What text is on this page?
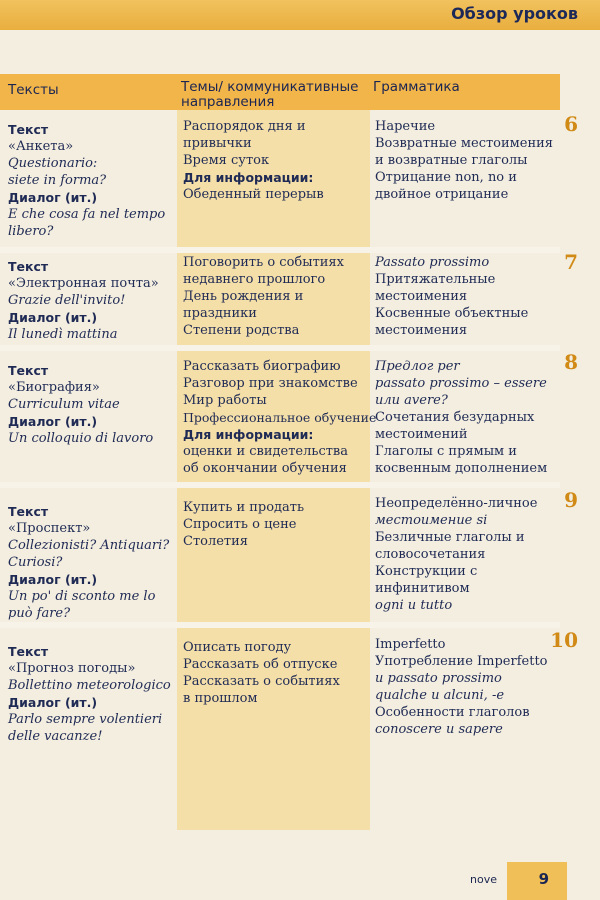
Обзор уроков
Тексты	Темы/ коммуникативные
направления
Грамматика
6
Текст
«Анкета»
Questionario:
siete in forma?
Диалог (ит.)
E che cosa fa nel tempo
libero?
Распорядок дня и
привычки
Время суток
Для информации:
Обеденный перерыв
Наречие
Возвратные местоимения
и возвратные глаголы
Отрицание non, no и
двойное отрицание
7
Текст
«Электронная почта»
Grazie dell'invito!
Диалог (ит.)
Il lunedì mattina
Поговорить о событиях
недавнего прошлого
День рождения и
праздники
Степени родства
Passato prossimo
Притяжательные
местоимения
Косвенные объектные
местоимения
8
Текст
«Биография»
Curriculum vitae
Диалог (ит.)
Un colloquio di lavoro
Рассказать биографию
Разговор при знакомстве
Мир работы
Профессиональное обучение
Для информации:
оценки и свидетельства
об окончании обучения
Предлог per
passato prossimo – essere
или avere?
Сочетания безударных
местоимений
Глаголы с прямым и
косвенным дополнением
9
Текст
«Проспект»
Collezionisti? Antiquari?
Curiosi?
Диалог (ит.)
Un po' di sconto me lo
può fare?
Купить и продать
Спросить о цене
Столетия
Неопределённо-личное
местоимение si
Безличные глаголы и
словосочетания
Конструкции с
инфинитивом
ogni и tutto
10
Текст
«Прогноз погоды»
Bollettino meteorologico
Диалог (ит.)
Parlo sempre volentieri
delle vacanze!
Описать погоду
Рассказать об отпуске
Рассказать о событиях
в прошлом
Imperfetto
Употребление Imperfetto
и passato prossimo
qualche и alcuni, -e
Особенности глаголов
conoscere и sapere
nove	9
